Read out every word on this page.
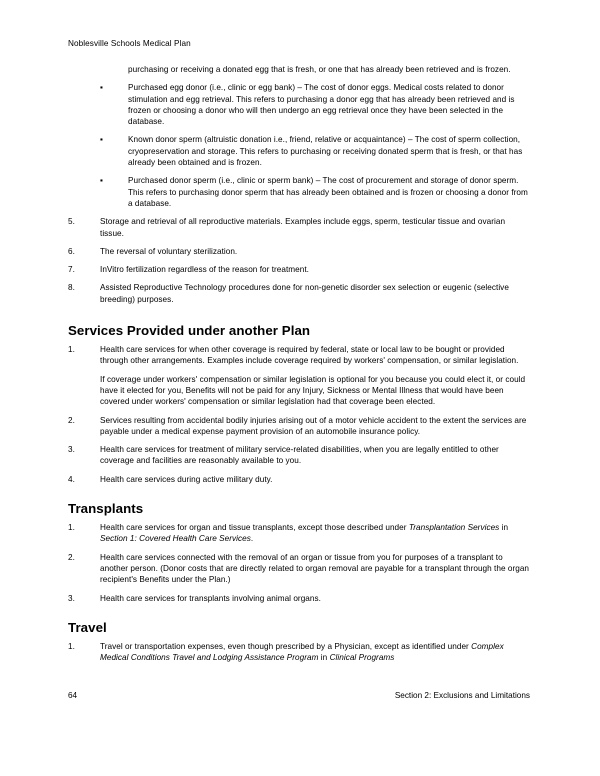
Noblesville Schools Medical Plan
purchasing or receiving a donated egg that is fresh, or one that has already been retrieved and is frozen.
▪	Purchased egg donor (i.e., clinic or egg bank) – The cost of donor eggs. Medical costs related to donor stimulation and egg retrieval. This refers to purchasing a donor egg that has already been retrieved and is frozen or choosing a donor who will then undergo an egg retrieval once they have been selected in the database.
▪	Known donor sperm (altruistic donation i.e., friend, relative or acquaintance) – The cost of sperm collection, cryopreservation and storage. This refers to purchasing or receiving donated sperm that is fresh, or that has already been obtained and is frozen.
▪	Purchased donor sperm (i.e., clinic or sperm bank) – The cost of procurement and storage of donor sperm. This refers to purchasing donor sperm that has already been obtained and is frozen or choosing a donor from a database.
5.	Storage and retrieval of all reproductive materials. Examples include eggs, sperm, testicular tissue and ovarian tissue.
6.	The reversal of voluntary sterilization.
7.	InVitro fertilization regardless of the reason for treatment.
8.	Assisted Reproductive Technology procedures done for non-genetic disorder sex selection or eugenic (selective breeding) purposes.
Services Provided under another Plan
1.	Health care services for when other coverage is required by federal, state or local law to be bought or provided through other arrangements. Examples include coverage required by workers' compensation, or similar legislation.
If coverage under workers' compensation or similar legislation is optional for you because you could elect it, or could have it elected for you, Benefits will not be paid for any Injury, Sickness or Mental Illness that would have been covered under workers' compensation or similar legislation had that coverage been elected.
2.	Services resulting from accidental bodily injuries arising out of a motor vehicle accident to the extent the services are payable under a medical expense payment provision of an automobile insurance policy.
3.	Health care services for treatment of military service-related disabilities, when you are legally entitled to other coverage and facilities are reasonably available to you.
4.	Health care services during active military duty.
Transplants
1.	Health care services for organ and tissue transplants, except those described under Transplantation Services in Section 1: Covered Health Care Services.
2.	Health care services connected with the removal of an organ or tissue from you for purposes of a transplant to another person. (Donor costs that are directly related to organ removal are payable for a transplant through the organ recipient's Benefits under the Plan.)
3.	Health care services for transplants involving animal organs.
Travel
1.	Travel or transportation expenses, even though prescribed by a Physician, except as identified under Complex Medical Conditions Travel and Lodging Assistance Program in Clinical Programs
64	Section 2: Exclusions and Limitations
